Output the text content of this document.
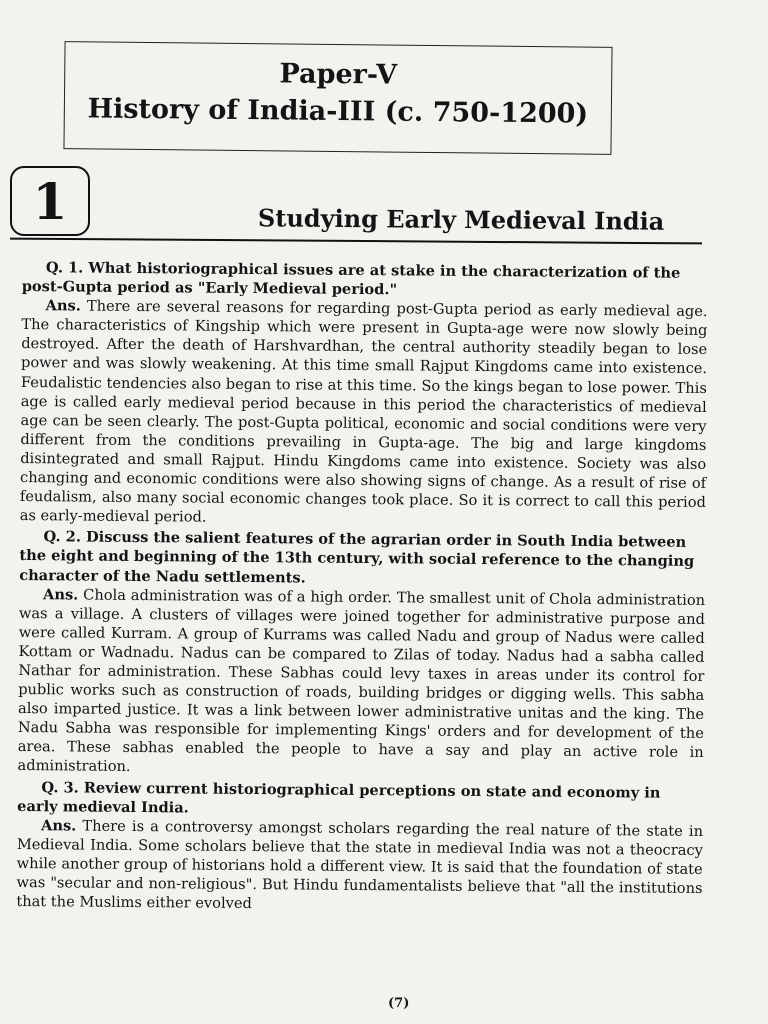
Paper-V
History of India-III (c. 750-1200)
1	Studying Early Medieval India

Q. 1. What historiographical issues are at stake in the characterization of the post-Gupta period as "Early Medieval period."

Ans. There are several reasons for regarding post-Gupta period as early medieval age. The characteristics of Kingship which were present in Gupta-age were now slowly being destroyed. After the death of Harshvardhan, the central authority steadily began to lose power and was slowly weakening. At this time small Rajput Kingdoms came into existence. Feudalistic tendencies also began to rise at this time. So the kings began to lose power. This age is called early medieval period because in this period the characteristics of medieval age can be seen clearly. The post-Gupta political, economic and social conditions were very different from the conditions prevailing in Gupta-age. The big and large kingdoms disintegrated and small Rajput. Hindu Kingdoms came into existence. Society was also changing and economic conditions were also showing signs of change. As a result of rise of feudalism, also many social economic changes took place. So it is correct to call this period as early-medieval period.

Q. 2. Discuss the salient features of the agrarian order in South India between the eight and beginning of the 13th century, with social reference to the changing character of the Nadu settlements.

Ans. Chola administration was of a high order. The smallest unit of Chola administration was a village. A clusters of villages were joined together for administrative purpose and were called Kurram. A group of Kurrams was called Nadu and group of Nadus were called Kottam or Wadnadu. Nadus can be compared to Zilas of today. Nadus had a sabha called Nathar for administration. These Sabhas could levy taxes in areas under its control for public works such as construction of roads, building bridges or digging wells. This sabha also imparted justice. It was a link between lower administrative unitas and the king. The Nadu Sabha was responsible for implementing Kings' orders and for development of the area. These sabhas enabled the people to have a say and play an active role in administration.

Q. 3. Review current historiographical perceptions on state and economy in early medieval India.

Ans. There is a controversy amongst scholars regarding the real nature of the state in Medieval India. Some scholars believe that the state in medieval India was not a theocracy while another group of historians hold a different view. It is said that the foundation of state was "secular and non-religious". But Hindu fundamentalists believe that "all the institutions that the Muslims either evolved

(7)
